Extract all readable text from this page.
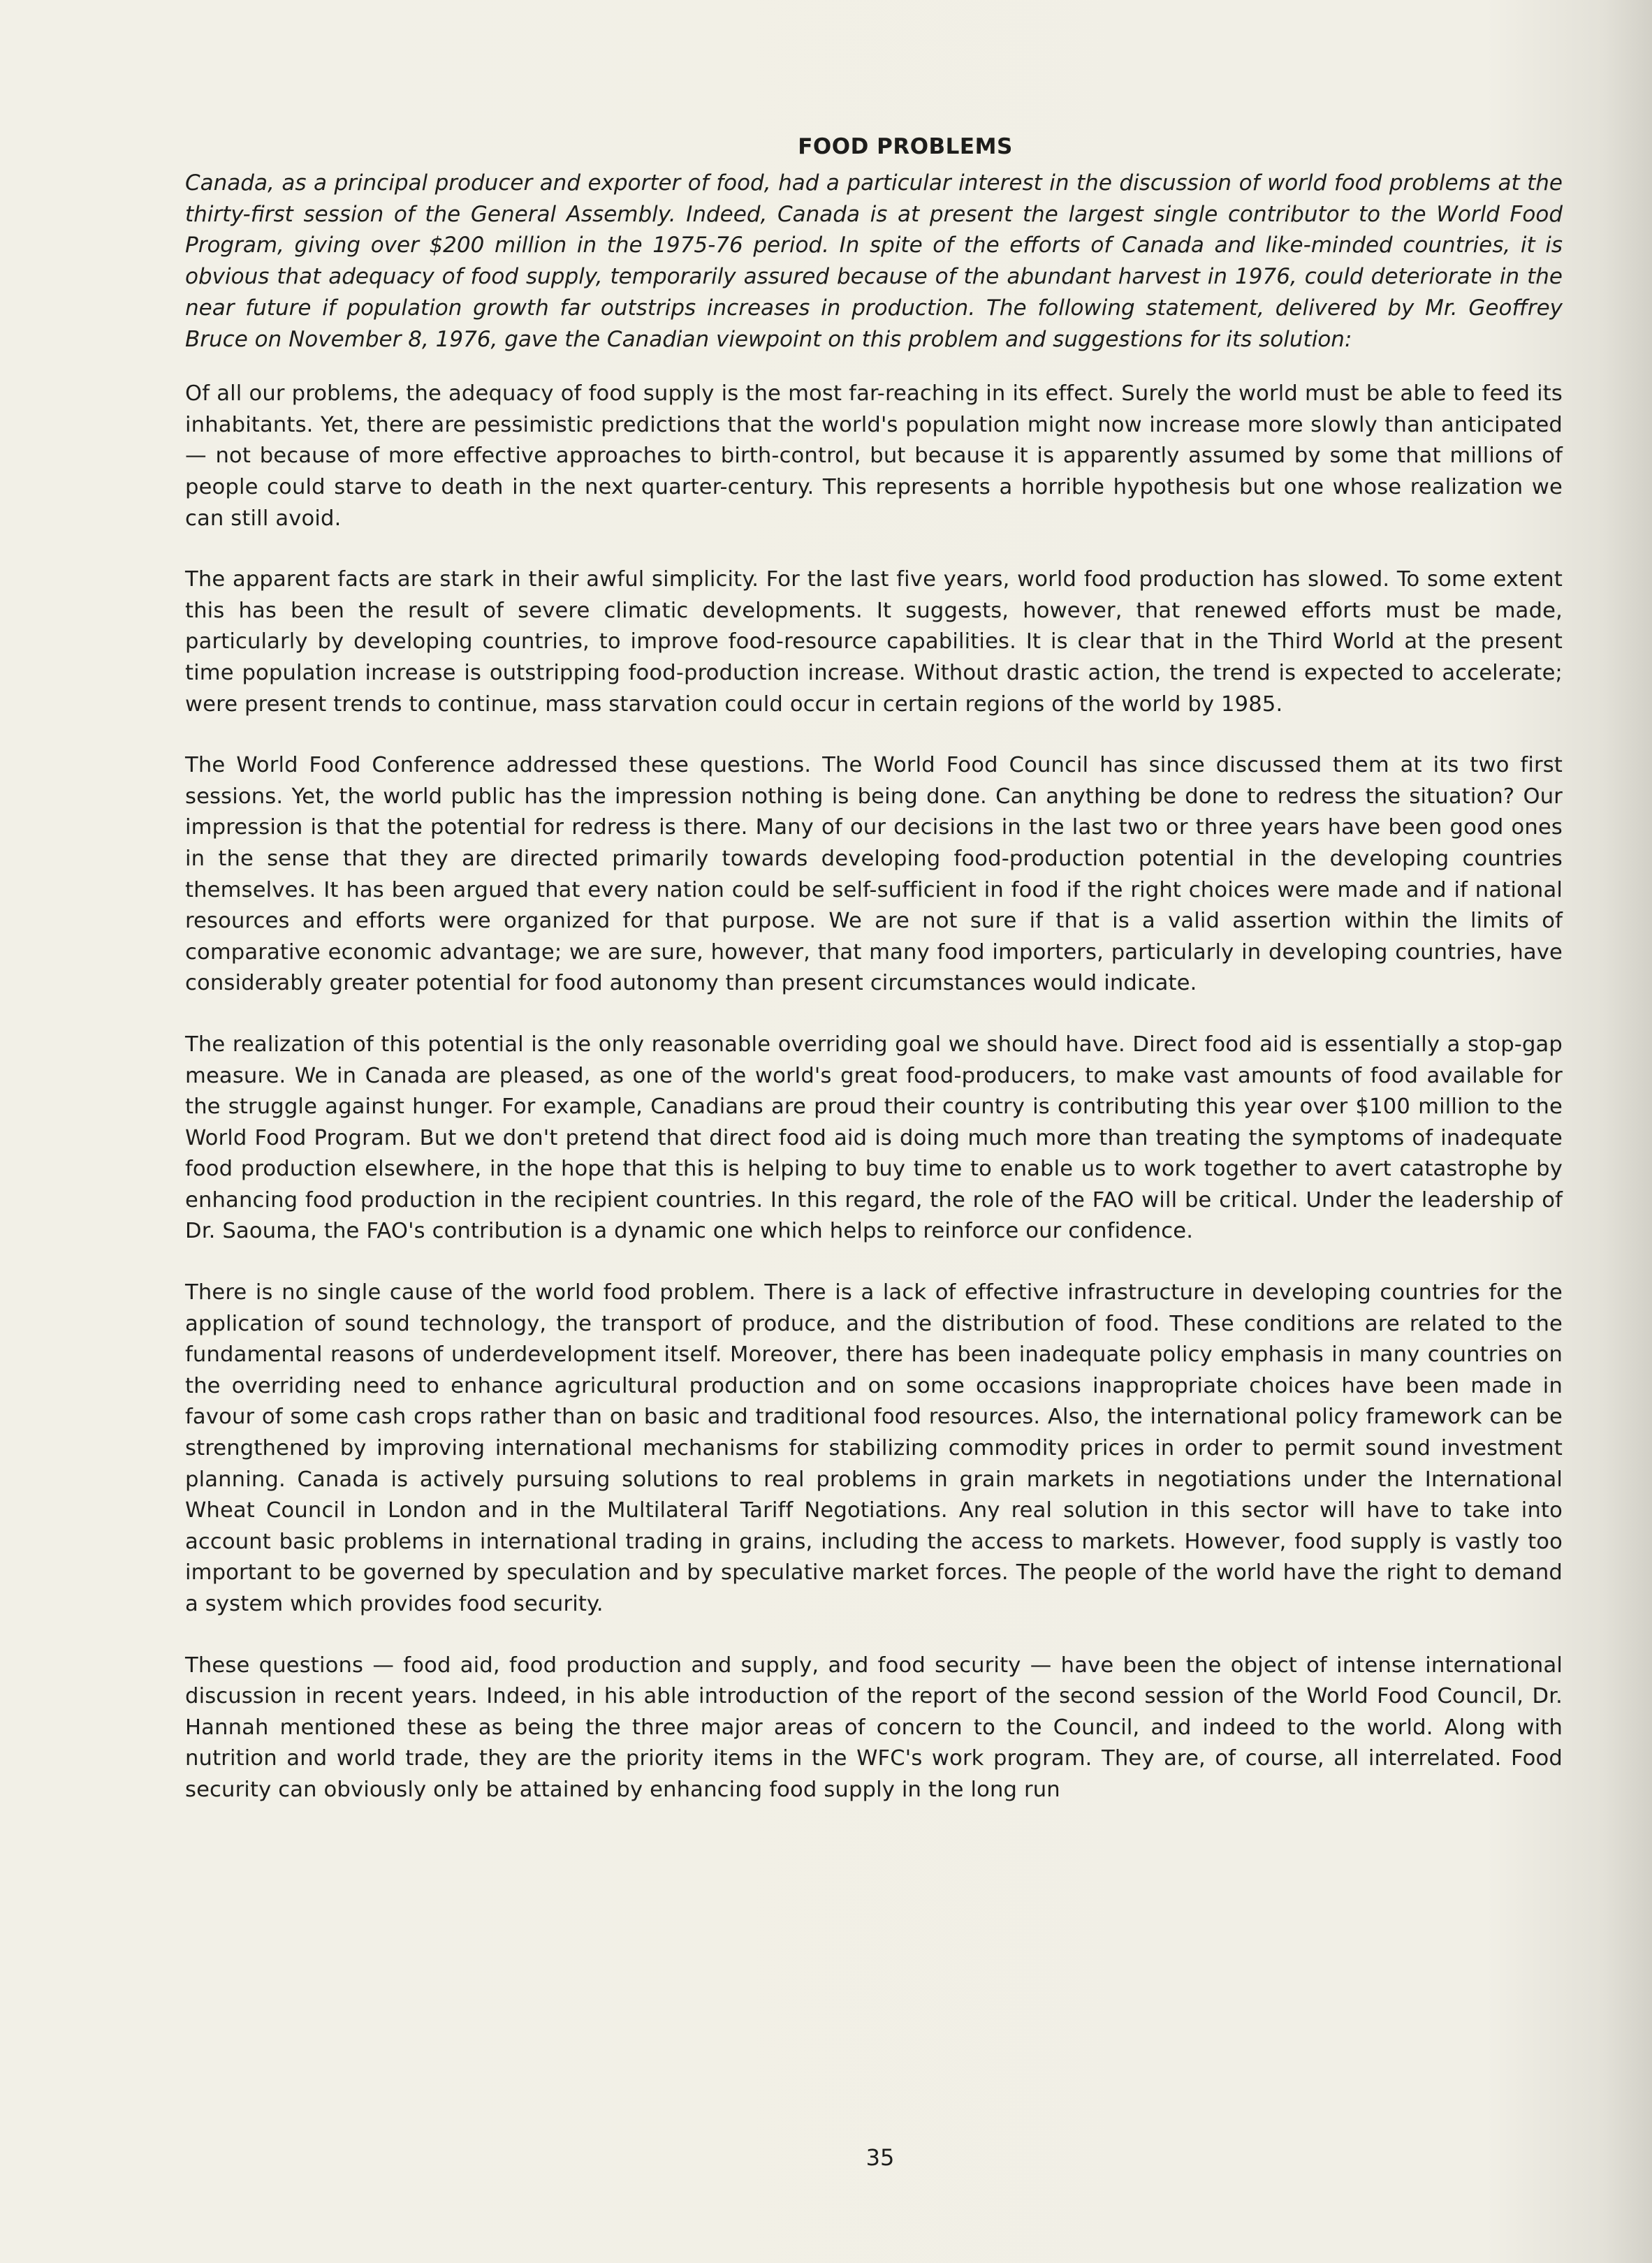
FOOD PROBLEMS

Canada, as a principal producer and exporter of food, had a particular interest in the discussion of world food problems at the thirty-first session of the General Assembly. Indeed, Canada is at present the largest single contributor to the World Food Program, giving over $200 million in the 1975-76 period. In spite of the efforts of Canada and like-minded countries, it is obvious that adequacy of food supply, temporarily assured because of the abundant harvest in 1976, could deteriorate in the near future if population growth far outstrips increases in production. The following statement, delivered by Mr. Geoffrey Bruce on November 8, 1976, gave the Canadian viewpoint on this problem and suggestions for its solution:

Of all our problems, the adequacy of food supply is the most far-reaching in its effect. Surely the world must be able to feed its inhabitants. Yet, there are pessimistic predictions that the world's population might now increase more slowly than anticipated — not because of more effective approaches to birth-control, but because it is apparently assumed by some that millions of people could starve to death in the next quarter-century. This represents a horrible hypothesis but one whose realization we can still avoid.

The apparent facts are stark in their awful simplicity. For the last five years, world food production has slowed. To some extent this has been the result of severe climatic developments. It suggests, however, that renewed efforts must be made, particularly by developing countries, to improve food-resource capabilities. It is clear that in the Third World at the present time population increase is outstripping food-production increase. Without drastic action, the trend is expected to accelerate; were present trends to continue, mass starvation could occur in certain regions of the world by 1985.

The World Food Conference addressed these questions. The World Food Council has since discussed them at its two first sessions. Yet, the world public has the impression nothing is being done. Can anything be done to redress the situation? Our impression is that the potential for redress is there. Many of our decisions in the last two or three years have been good ones in the sense that they are directed primarily towards developing food-production potential in the developing countries themselves. It has been argued that every nation could be self-sufficient in food if the right choices were made and if national resources and efforts were organized for that purpose. We are not sure if that is a valid assertion within the limits of comparative economic advantage; we are sure, however, that many food importers, particularly in developing countries, have considerably greater potential for food autonomy than present circumstances would indicate.

The realization of this potential is the only reasonable overriding goal we should have. Direct food aid is essentially a stop-gap measure. We in Canada are pleased, as one of the world's great food-producers, to make vast amounts of food available for the struggle against hunger. For example, Canadians are proud their country is contributing this year over $100 million to the World Food Program. But we don't pretend that direct food aid is doing much more than treating the symptoms of inadequate food production elsewhere, in the hope that this is helping to buy time to enable us to work together to avert catastrophe by enhancing food production in the recipient countries. In this regard, the role of the FAO will be critical. Under the leadership of Dr. Saouma, the FAO's contribution is a dynamic one which helps to reinforce our confidence.

There is no single cause of the world food problem. There is a lack of effective infrastructure in developing countries for the application of sound technology, the transport of produce, and the distribution of food. These conditions are related to the fundamental reasons of underdevelopment itself. Moreover, there has been inadequate policy emphasis in many countries on the overriding need to enhance agricultural production and on some occasions inappropriate choices have been made in favour of some cash crops rather than on basic and traditional food resources. Also, the international policy framework can be strengthened by improving international mechanisms for stabilizing commodity prices in order to permit sound investment planning. Canada is actively pursuing solutions to real problems in grain markets in negotiations under the International Wheat Council in London and in the Multilateral Tariff Negotiations. Any real solution in this sector will have to take into account basic problems in international trading in grains, including the access to markets. However, food supply is vastly too important to be governed by speculation and by speculative market forces. The people of the world have the right to demand a system which provides food security.

These questions — food aid, food production and supply, and food security — have been the object of intense international discussion in recent years. Indeed, in his able introduction of the report of the second session of the World Food Council, Dr. Hannah mentioned these as being the three major areas of concern to the Council, and indeed to the world. Along with nutrition and world trade, they are the priority items in the WFC's work program. They are, of course, all interrelated. Food security can obviously only be attained by enhancing food supply in the long run

35
